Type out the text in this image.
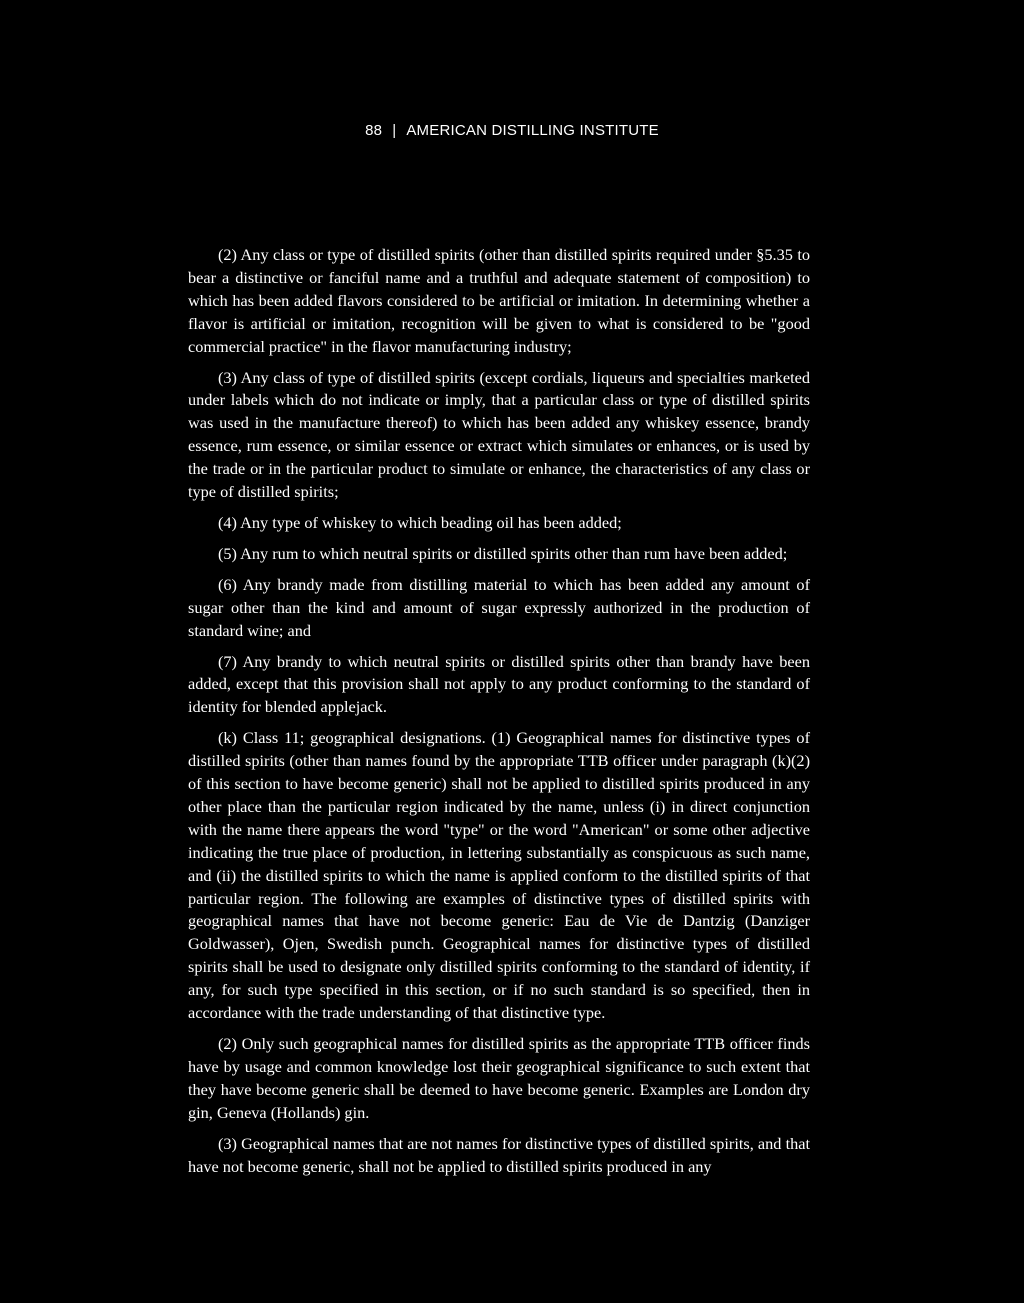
88 | AMERICAN DISTILLING INSTITUTE

(2) Any class or type of distilled spirits (other than distilled spirits required under §5.35 to bear a distinctive or fanciful name and a truthful and adequate statement of composition) to which has been added flavors considered to be artificial or imitation. In determining whether a flavor is artificial or imitation, recognition will be given to what is considered to be "good commercial practice" in the flavor manufacturing industry;

(3) Any class of type of distilled spirits (except cordials, liqueurs and specialties marketed under labels which do not indicate or imply, that a particular class or type of distilled spirits was used in the manufacture thereof) to which has been added any whiskey essence, brandy essence, rum essence, or similar essence or extract which simulates or enhances, or is used by the trade or in the particular product to simulate or enhance, the characteristics of any class or type of distilled spirits;

(4) Any type of whiskey to which beading oil has been added;

(5) Any rum to which neutral spirits or distilled spirits other than rum have been added;

(6) Any brandy made from distilling material to which has been added any amount of sugar other than the kind and amount of sugar expressly authorized in the production of standard wine; and

(7) Any brandy to which neutral spirits or distilled spirits other than brandy have been added, except that this provision shall not apply to any product conforming to the standard of identity for blended applejack.

(k) Class 11; geographical designations. (1) Geographical names for distinctive types of distilled spirits (other than names found by the appropriate TTB officer under paragraph (k)(2) of this section to have become generic) shall not be applied to distilled spirits produced in any other place than the particular region indicated by the name, unless (i) in direct conjunction with the name there appears the word "type" or the word "American" or some other adjective indicating the true place of production, in lettering substantially as conspicuous as such name, and (ii) the distilled spirits to which the name is applied conform to the distilled spirits of that particular region. The following are examples of distinctive types of distilled spirits with geographical names that have not become generic: Eau de Vie de Dantzig (Danziger Goldwasser), Ojen, Swedish punch. Geographical names for distinctive types of distilled spirits shall be used to designate only distilled spirits conforming to the standard of identity, if any, for such type specified in this section, or if no such standard is so specified, then in accordance with the trade understanding of that distinctive type.

(2) Only such geographical names for distilled spirits as the appropriate TTB officer finds have by usage and common knowledge lost their geographical significance to such extent that they have become generic shall be deemed to have become generic. Examples are London dry gin, Geneva (Hollands) gin.

(3) Geographical names that are not names for distinctive types of distilled spirits, and that have not become generic, shall not be applied to distilled spirits produced in any
